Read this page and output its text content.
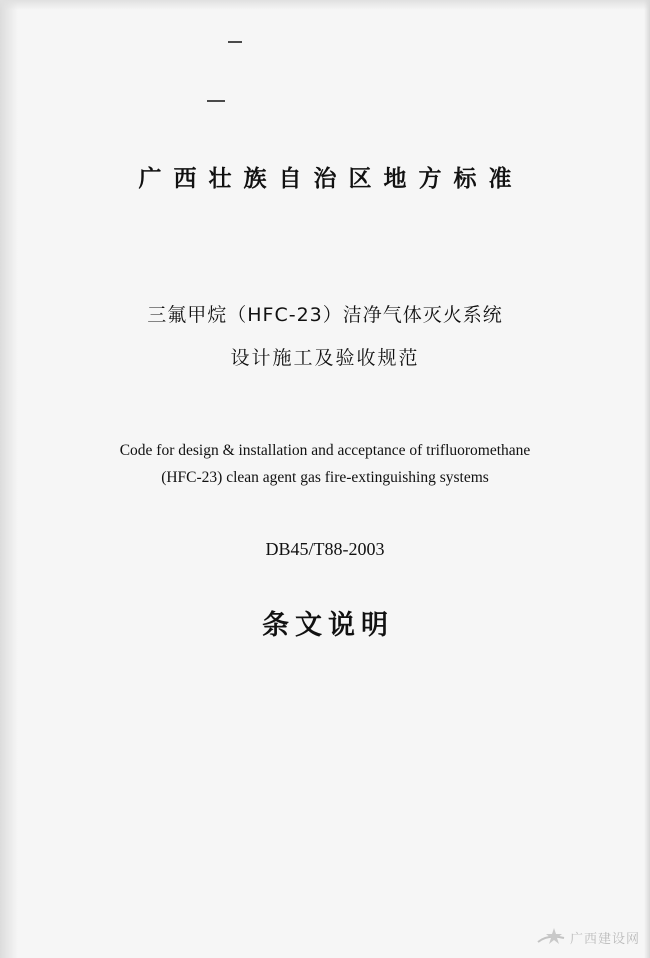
广西壮族自治区地方标准
三氟甲烷（HFC-23）洁净气体灭火系统
设计施工及验收规范
Code for design & installation and acceptance of trifluoromethane
(HFC-23) clean agent gas fire-extinguishing systems
DB45/T88-2003
条文说明
广西建设网
